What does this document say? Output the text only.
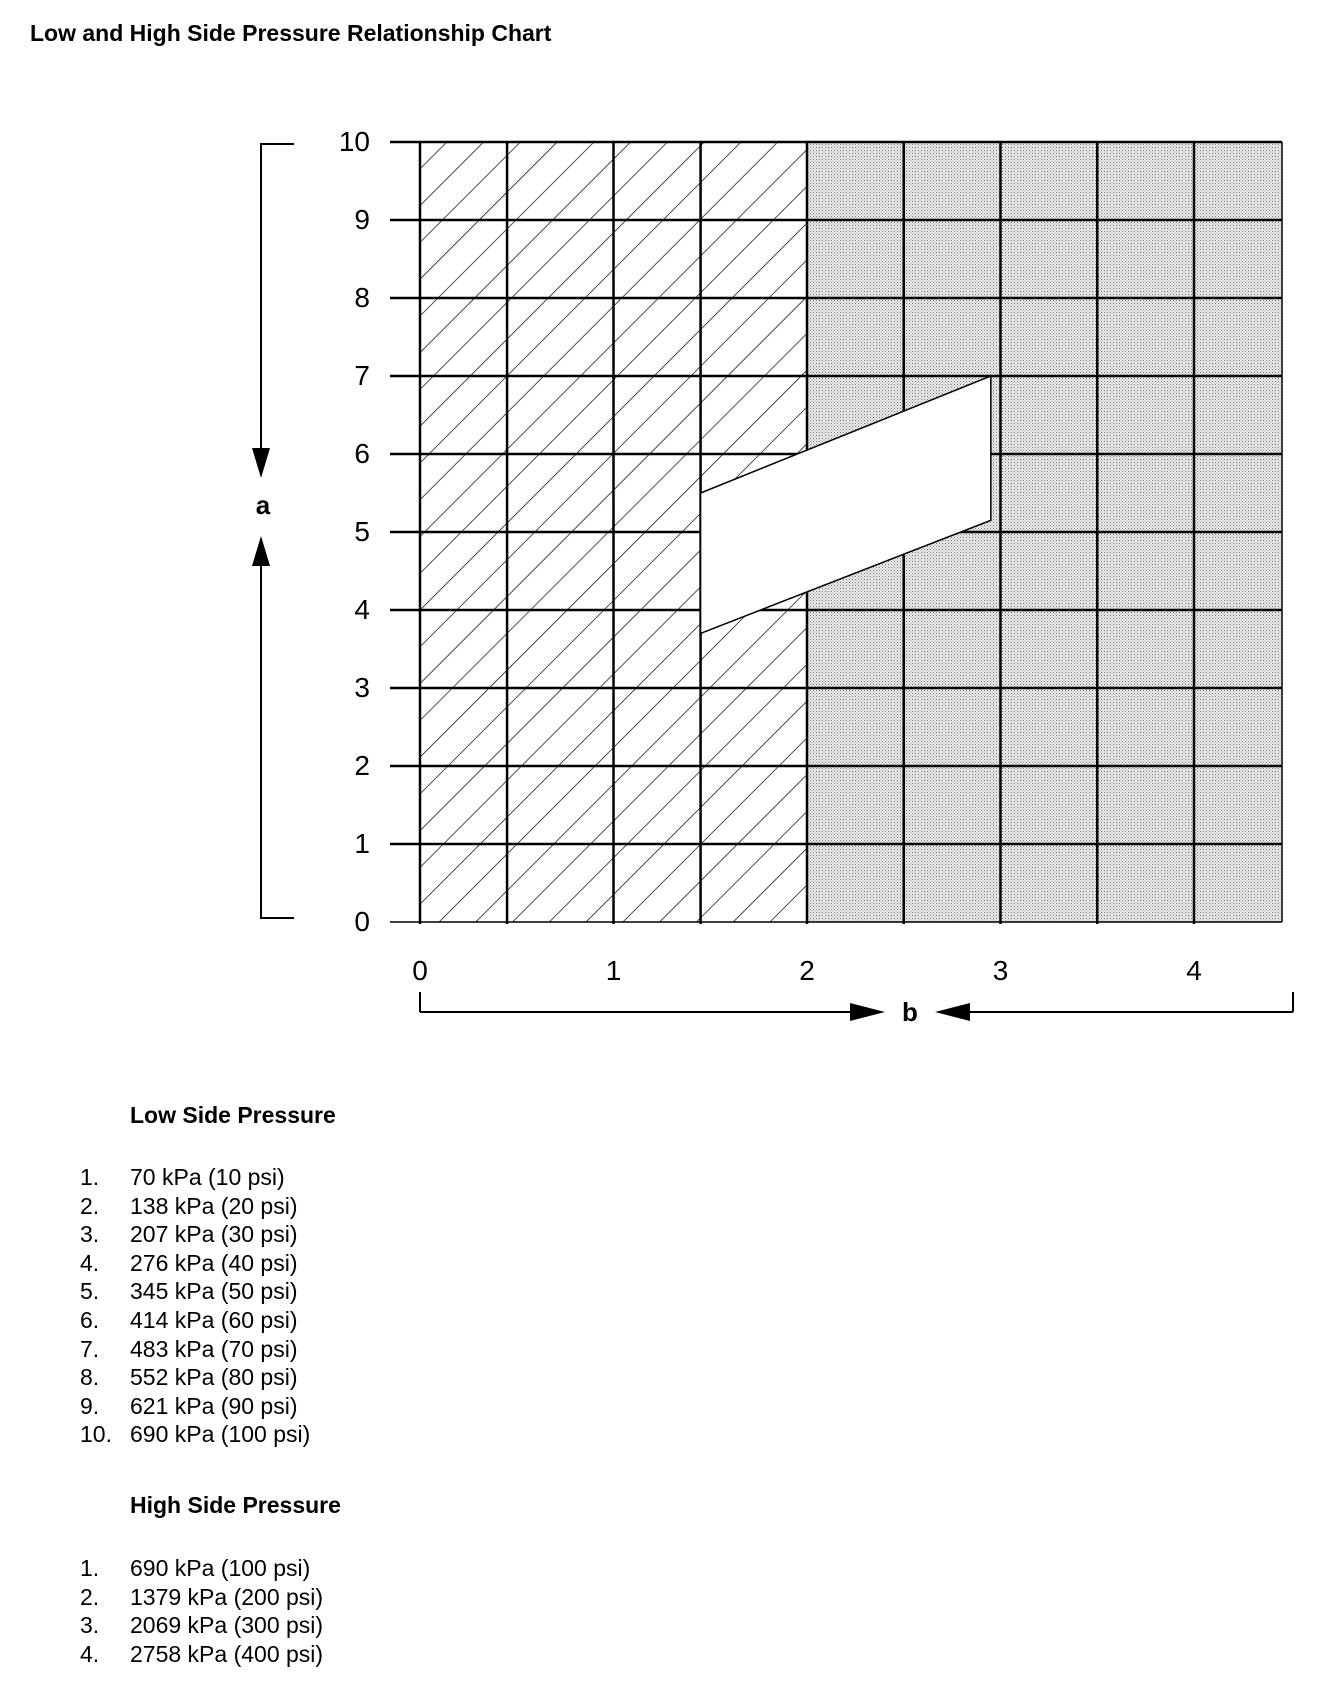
Low and High Side Pressure Relationship Chart
0
1
2
3
4
5
6
7
8
9
10
0	1	2	3	4
a
b
Low Side Pressure
1. 70 kPa (10 psi)
2. 138 kPa (20 psi)
3. 207 kPa (30 psi)
4. 276 kPa (40 psi)
5. 345 kPa (50 psi)
6. 414 kPa (60 psi)
7. 483 kPa (70 psi)
8. 552 kPa (80 psi)
9. 621 kPa (90 psi)
10. 690 kPa (100 psi)
High Side Pressure
1. 690 kPa (100 psi)
2. 1379 kPa (200 psi)
3. 2069 kPa (300 psi)
4. 2758 kPa (400 psi)
